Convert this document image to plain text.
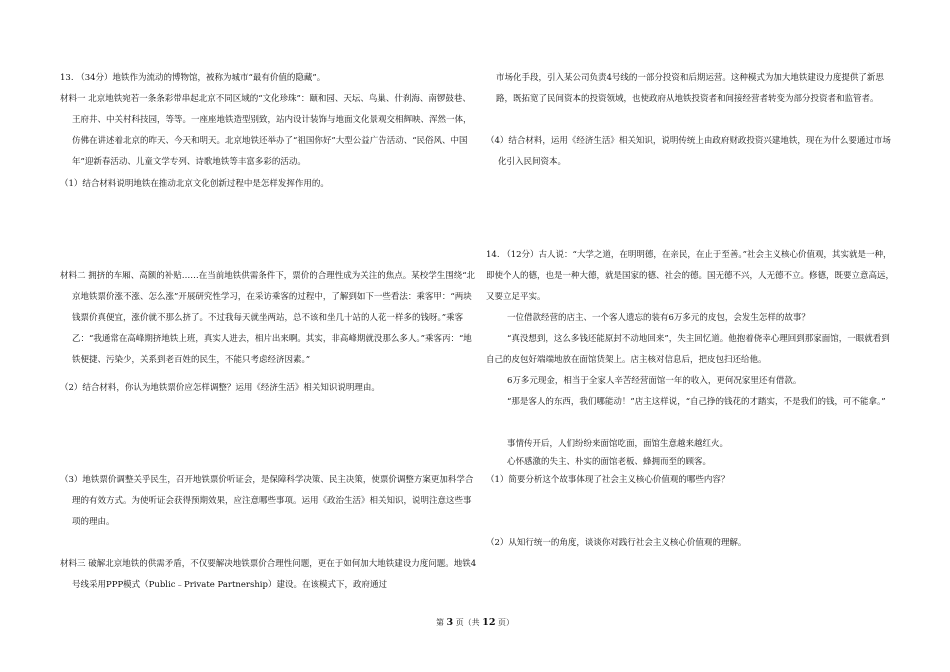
13. （34分）地铁作为流动的博物馆，被称为城市“最有价值的隐藏”。

材料一 北京地铁宛若一条条彩带串起北京不同区域的“文化珍珠”：颐和园、天坛、鸟巢、什刹海、南锣鼓巷、王府井、中关村科技园，等等。一座座地铁造型别致，站内设计装饰与地面文化景观交相辉映、浑然一体，仿佛在讲述着北京的昨天、今天和明天。北京地铁还举办了“祖国你好”大型公益广告活动、“民俗风、中国年”迎新春活动、儿童文学专列、诗歌地铁等丰富多彩的活动。

（1）结合材料说明地铁在推动北京文化创新过程中是怎样发挥作用的。

材料二 拥挤的车厢、高额的补贴……在当前地铁供需条件下，票价的合理性成为关注的焦点。某校学生围绕“北京地铁票价涨不涨、怎么涨”开展研究性学习，在采访乘客的过程中，了解到如下一些看法：乘客甲：“两块钱票价真便宜，涨价就不那么挤了。不过我每天就坐两站，总不该和坐几十站的人花一样多的钱呀。”乘客乙：“我通常在高峰期挤地铁上班，真实人进去，相片出来啊。其实，非高峰期就没那么多人。”乘客丙：“地铁便捷、污染少，关系到老百姓的民生，不能只考虑经济因素。”

（2）结合材料，你认为地铁票价应怎样调整？运用《经济生活》相关知识说明理由。

（3）地铁票价调整关乎民生，召开地铁票价听证会，是保障科学决策、民主决策，使票价调整方案更加科学合理的有效方式。为使听证会获得预期效果，应注意哪些事项。运用《政治生活》相关知识，说明注意这些事项的理由。

材料三 破解北京地铁的供需矛盾，不仅要解决地铁票价合理性问题，更在于如何加大地铁建设力度问题。地铁4号线采用PPP模式（Public﹣Private Partnership）建设。在该模式下，政府通过

市场化手段，引入某公司负责4号线的一部分投资和后期运营。这种模式为加大地铁建设力度提供了新思路，既拓宽了民间资本的投资领域，也使政府从地铁投资者和间接经营者转变为部分投资者和监管者。

（4）结合材料，运用《经济生活》相关知识，说明传统上由政府财政投资兴建地铁，现在为什么要通过市场化引入民间资本。

14. （12分）古人说：“大学之道，在明明德，在亲民，在止于至善。”社会主义核心价值观，其实就是一种，即使个人的德，也是一种大德，就是国家的德、社会的德。国无德不兴，人无德不立。修德，既要立意高远，又要立足平实。

一位借款经营的店主、一个客人遗忘的装有6万多元的皮包，会发生怎样的故事？

“真没想到，这么多钱还能原封不动地回来”，失主回忆道。他抱着侥幸心理回到那家面馆，一眼就看到自己的皮包好端端地放在面馆货架上。店主核对信息后，把皮包扫还给他。

6万多元现金，相当于全家人辛苦经营面馆一年的收入，更何况家里还有借款。

“那是客人的东西，我们哪能动！”店主这样说，“自己挣的钱花的才踏实，不是我们的钱，可不能拿。”

事情传开后，人们纷纷来面馆吃面，面馆生意越来越红火。

心怀感激的失主、朴实的面馆老板、蜂拥而至的顾客。

（1）简要分析这个故事体现了社会主义核心价值观的哪些内容？

（2）从知行统一的角度，谈谈你对践行社会主义核心价值观的理解。

第 3 页（共 12 页）
